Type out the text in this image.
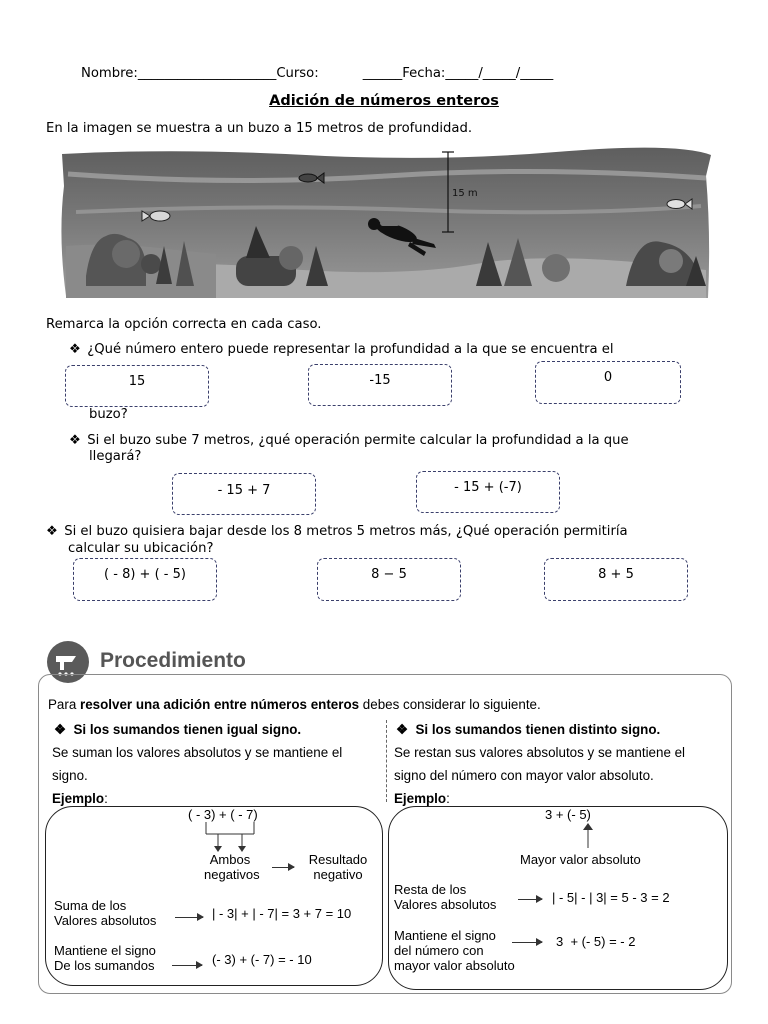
Nombre:_____________________Curso:	______Fecha:_____/_____/_____
Adición de números enteros
En la imagen se muestra a un buzo a 15 metros de profundidad.
15 m
Remarca la opción correcta en cada caso.
❖ ¿Qué número entero puede representar la profundidad a la que se encuentra el
15	-15	0
buzo?
❖ Si el buzo sube 7 metros, ¿qué operación permite calcular la profundidad a la que
llegará?
- 15 + 7	- 15 + (-7)
❖ Si el buzo quisiera bajar desde los 8 metros 5 metros más, ¿Qué operación permitiría
calcular su ubicación?
( - 8) + ( - 5)	8 − 5	8 + 5
Procedimiento
Para resolver una adición entre números enteros debes considerar lo siguiente.
❖ Si los sumandos tienen igual signo.
Se suman los valores absolutos y se mantiene el
signo.
Ejemplo:
❖ Si los sumandos tienen distinto signo.
Se restan sus valores absolutos y se mantiene el
signo del número con mayor valor absoluto.
Ejemplo:
( - 3) + ( - 7)
Ambos
negativos
Resultado
negativo
Suma de los
Valores absolutos	| - 3| + | - 7| = 3 + 7 = 10
Mantiene el signo
De los sumandos	(- 3) + (- 7) = - 10
3 + (- 5)
Mayor valor absoluto
Resta de los
Valores absolutos	| - 5| - | 3| = 5 - 3 = 2
Mantiene el signo
del número con
mayor valor absoluto
3  + (- 5) = - 2
